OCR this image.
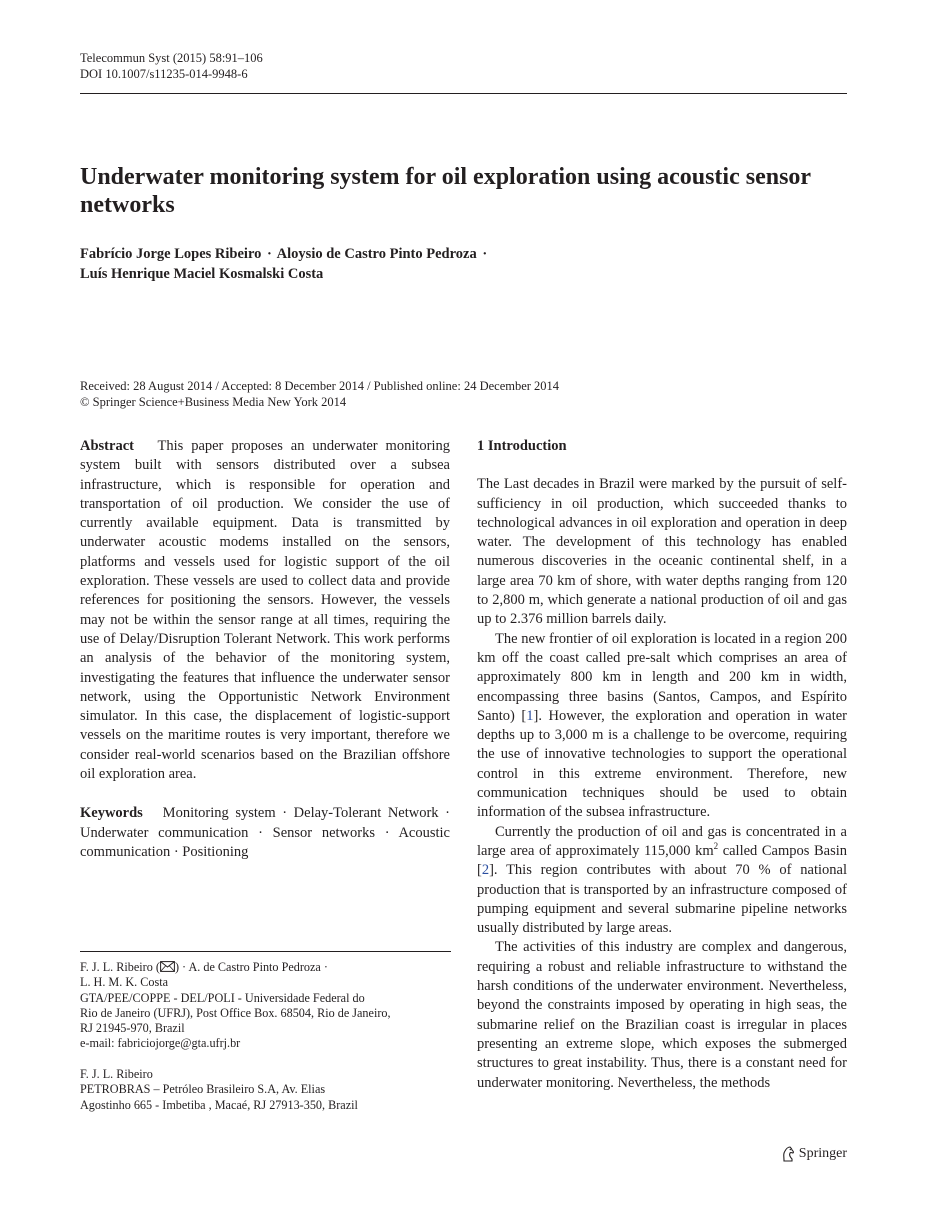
Telecommun Syst (2015) 58:91–106
DOI 10.1007/s11235-014-9948-6
Underwater monitoring system for oil exploration using acoustic sensor networks
Fabrício Jorge Lopes Ribeiro · Aloysio de Castro Pinto Pedroza ·
Luís Henrique Maciel Kosmalski Costa
Received: 28 August 2014 / Accepted: 8 December 2014 / Published online: 24 December 2014
© Springer Science+Business Media New York 2014

Abstract This paper proposes an underwater monitoring system built with sensors distributed over a subsea infrastructure, which is responsible for operation and transportation of oil production. We consider the use of currently available equipment. Data is transmitted by underwater acoustic modems installed on the sensors, platforms and vessels used for logistic support of the oil exploration. These vessels are used to collect data and provide references for positioning the sensors. However, the vessels may not be within the sensor range at all times, requiring the use of Delay/Disruption Tolerant Network. This work performs an analysis of the behavior of the monitoring system, investigating the features that influence the underwater sensor network, using the Opportunistic Network Environment simulator. In this case, the displacement of logistic-support vessels on the maritime routes is very important, therefore we consider real-world scenarios based on the Brazilian offshore oil exploration area.

Keywords Monitoring system · Delay-Tolerant Network · Underwater communication · Sensor networks · Acoustic communication · Positioning

F. J. L. Ribeiro ( ) · A. de Castro Pinto Pedroza ·
L. H. M. K. Costa
GTA/PEE/COPPE - DEL/POLI - Universidade Federal do
Rio de Janeiro (UFRJ), Post Office Box. 68504, Rio de Janeiro,
RJ 21945-970, Brazil
e-mail: fabriciojorge@gta.ufrj.br
F. J. L. Ribeiro
PETROBRAS – Petróleo Brasileiro S.A, Av. Elias
Agostinho 665 - Imbetiba , Macaé, RJ 27913-350, Brazil

1 Introduction

The Last decades in Brazil were marked by the pursuit of self-sufficiency in oil production, which succeeded thanks to technological advances in oil exploration and operation in deep water. The development of this technology has enabled numerous discoveries in the oceanic continental shelf, in a large area 70 km of shore, with water depths ranging from 120 to 2,800 m, which generate a national production of oil and gas up to 2.376 million barrels daily.

The new frontier of oil exploration is located in a region 200 km off the coast called pre-salt which comprises an area of approximately 800 km in length and 200 km in width, encompassing three basins (Santos, Campos, and Espírito Santo) [1]. However, the exploration and operation in water depths up to 3,000 m is a challenge to be overcome, requiring the use of innovative technologies to support the operational control in this extreme environment. Therefore, new communication techniques should be used to obtain information of the subsea infrastructure.

Currently the production of oil and gas is concentrated in a large area of approximately 115,000 $km^2$ called Campos Basin [2]. This region contributes with about 70 % of national production that is transported by an infrastructure composed of pumping equipment and several submarine pipeline networks usually distributed by large areas.

The activities of this industry are complex and dangerous, requiring a robust and reliable infrastructure to withstand the harsh conditions of the underwater environment. Nevertheless, beyond the constraints imposed by operating in high seas, the submarine relief on the Brazilian coast is irregular in places presenting an extreme slope, which exposes the submerged structures to great instability. Thus, there is a constant need for underwater monitoring. Nevertheless, the methods

Springer
